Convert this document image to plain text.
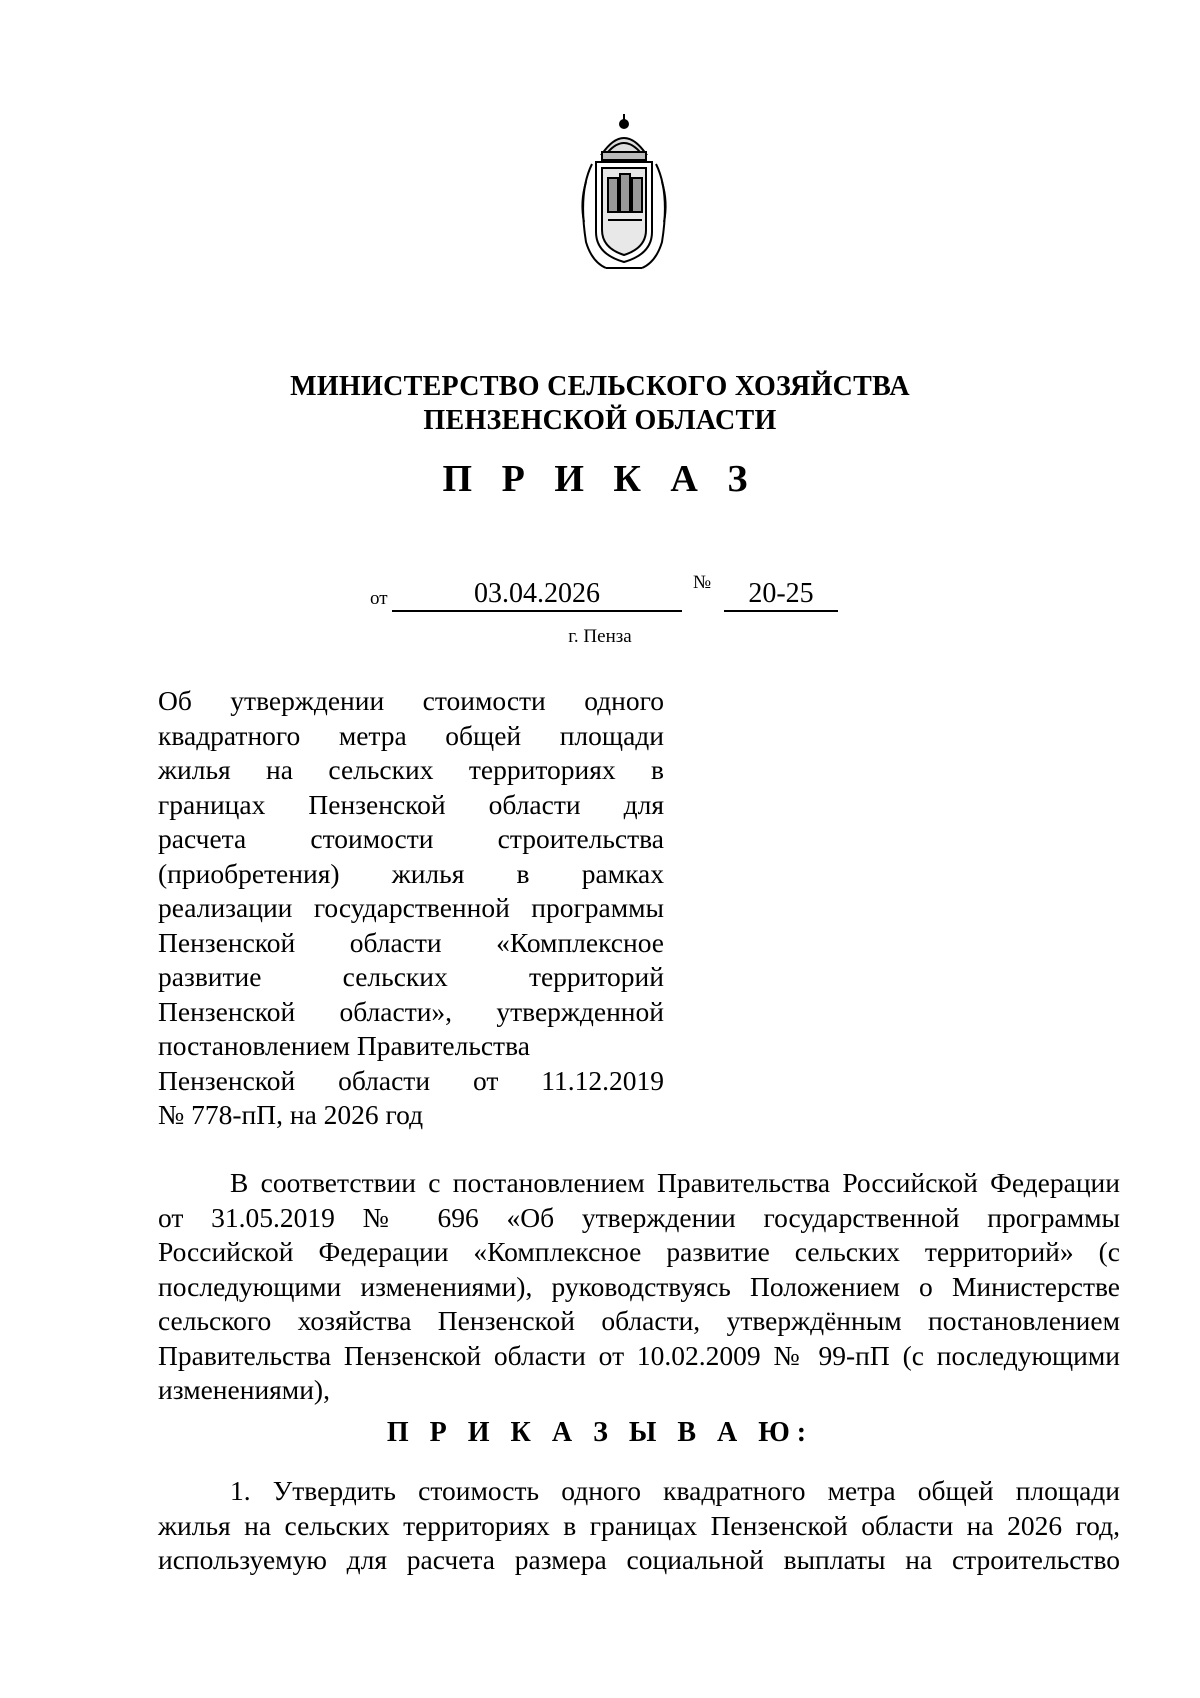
МИНИСТЕРСТВО СЕЛЬСКОГО ХОЗЯЙСТВА
ПЕНЗЕНСКОЙ ОБЛАСТИ
П Р И К А З
от	03.04.2026	№	20-25
г. Пенза
Об утверждении стоимости одного
квадратного метра общей площади
жилья на сельских территориях в
границах Пензенской области для
расчета стоимости строительства
(приобретения) жилья в рамках
реализации государственной программы
Пензенской области «Комплексное
развитие сельских территорий
Пензенской области», утвержденной
постановлением Правительства
Пензенской области от 11.12.2019
№ 778-пП, на 2026 год
В соответствии с постановлением Правительства Российской Федерации
от 31.05.2019 № 696 «Об утверждении государственной программы
Российской Федерации «Комплексное развитие сельских территорий» (с
последующими изменениями), руководствуясь Положением о Министерстве
сельского хозяйства Пензенской области, утверждённым постановлением
Правительства Пензенской области от 10.02.2009 № 99-пП (с последующими
изменениями),
П Р И К А З Ы В А Ю:
1. Утвердить стоимость одного квадратного метра общей площади
жилья на сельских территориях в границах Пензенской области на 2026 год,
используемую для расчета размера социальной выплаты на строительство
